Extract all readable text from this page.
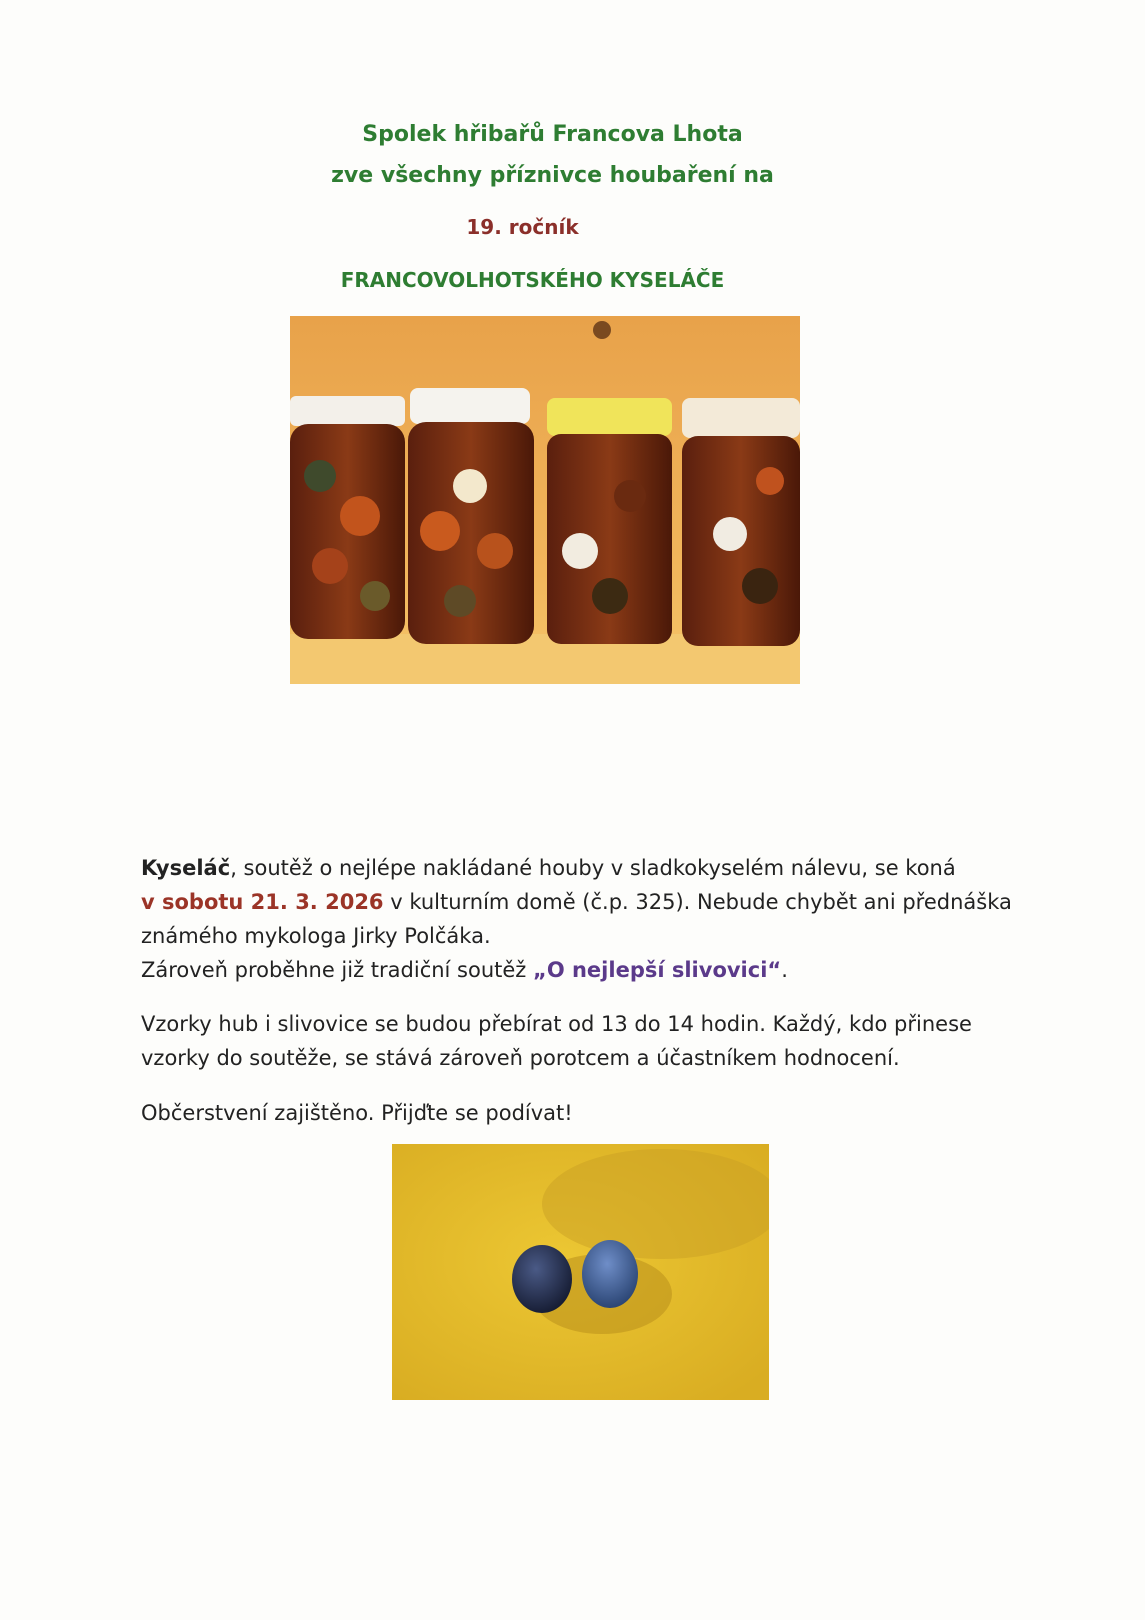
Spolek hřibařů Francova Lhota
zve všechny příznivce houbaření na
19. ročník
FRANCOVOLHOTSKÉHO KYSELÁČE

Kyseláč, soutěž o nejlépe nakládané houby v sladkokyselém nálevu, se koná
v sobotu 21. 3. 2026 v kulturním domě (č.p. 325). Nebude chybět ani přednáška
známého mykologa Jirky Polčáka.
Zároveň proběhne již tradiční soutěž „O nejlepší slivovici“.

Vzorky hub i slivovice se budou přebírat od 13 do 14 hodin. Každý, kdo přinese
vzorky do soutěže, se stává zároveň porotcem a účastníkem hodnocení.

Občerstvení zajištěno. Přijďte se podívat!
